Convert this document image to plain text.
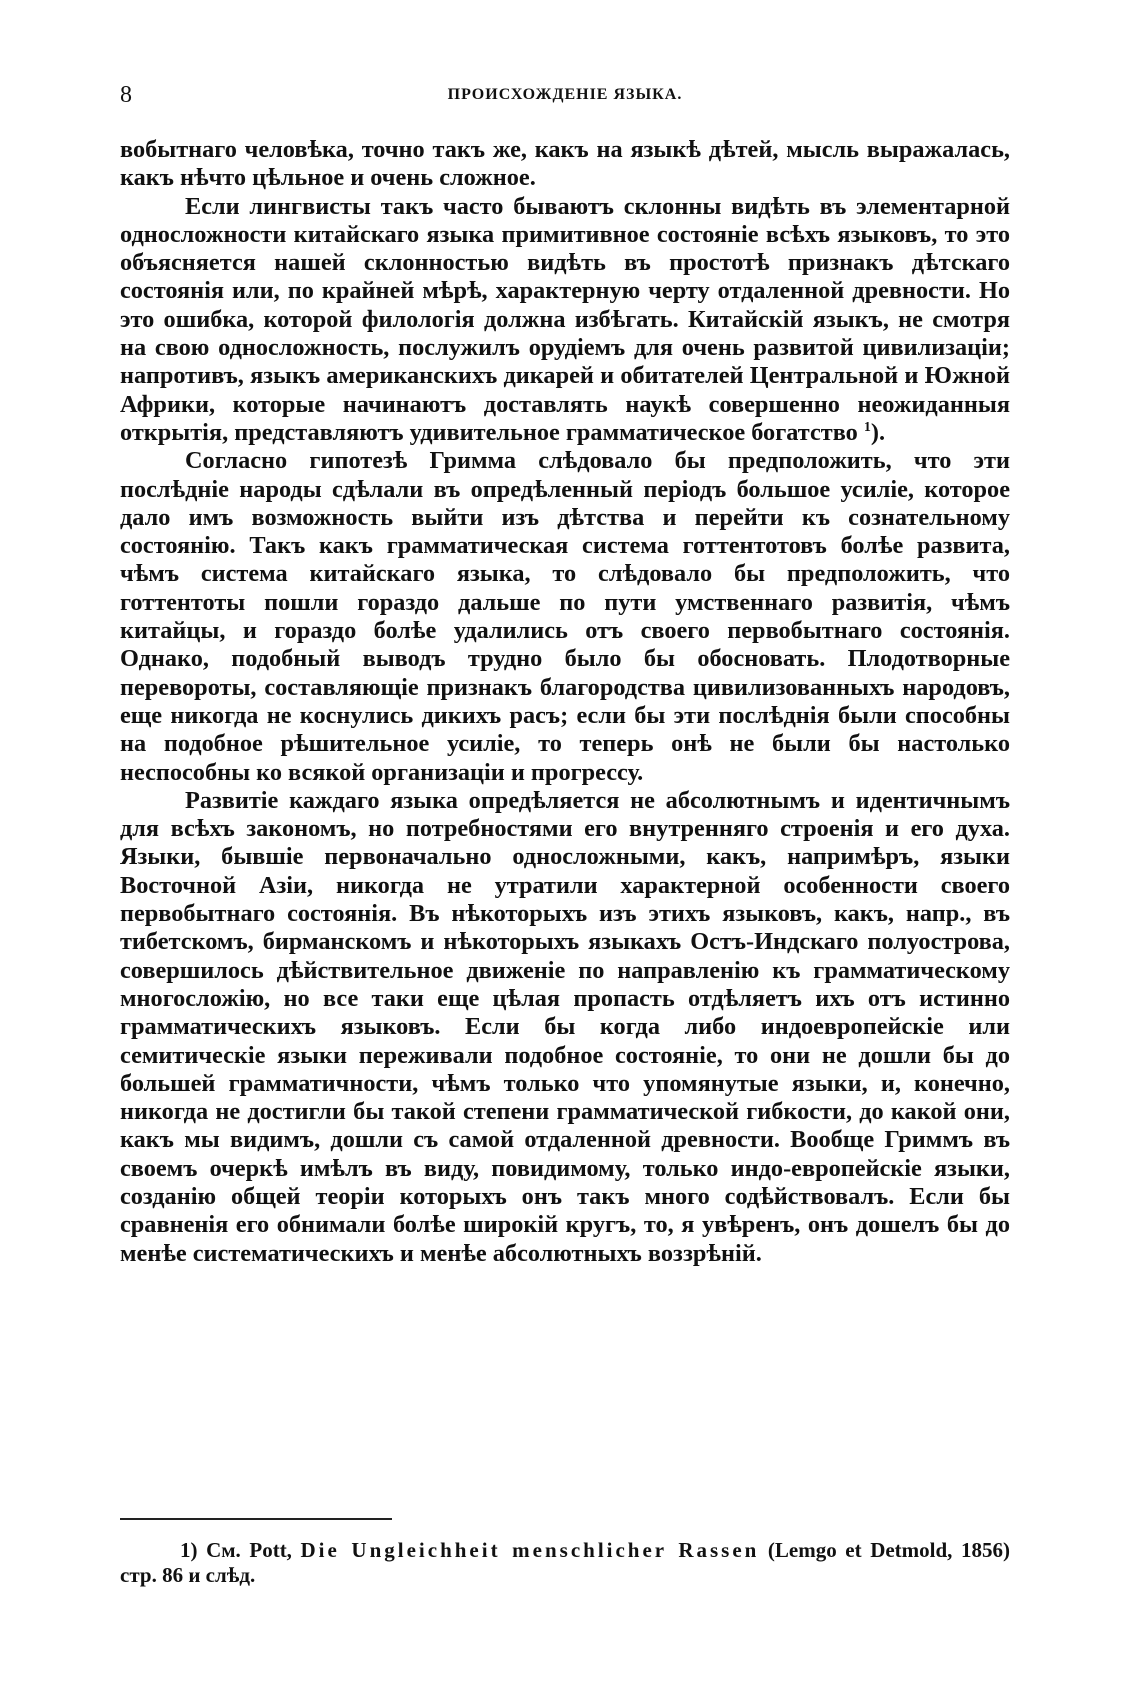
8	ПРОИСХОЖДЕНІЕ ЯЗЫКА.

вобытнаго человѣка, точно такъ же, какъ на языкѣ дѣтей, мысль выражалась, какъ нѣчто цѣльное и очень сложное.

Если лингвисты такъ часто бываютъ склонны видѣть въ элементарной односложности китайскаго языка примитивное состояніе всѣхъ языковъ, то это объясняется нашей склонностью видѣть въ простотѣ признакъ дѣтскаго состоянія или, по крайней мѣрѣ, характерную черту отдаленной древности. Но это ошибка, которой филологія должна избѣгать. Китайскій языкъ, не смотря на свою односложность, послужилъ орудіемъ для очень развитой цивилизаціи; напротивъ, языкъ американскихъ дикарей и обитателей Центральной и Южной Африки, которые начинаютъ доставлять наукѣ совершенно неожиданныя открытія, представляютъ удивительное грамматическое богатство $^1$).

Согласно гипотезѣ Гримма слѣдовало бы предположить, что эти послѣдніе народы сдѣлали въ опредѣленный періодъ большое усиліе, которое дало имъ возможность выйти изъ дѣтства и перейти къ сознательному состоянію. Такъ какъ грамматическая система готтентотовъ болѣе развита, чѣмъ система китайскаго языка, то слѣдовало бы предположить, что готтентоты пошли гораздо дальше по пути умственнаго развитія, чѣмъ китайцы, и гораздо болѣе удалились отъ своего первобытнаго состоянія. Однако, подобный выводъ трудно было бы обосновать. Плодотворные перевороты, составляющіе признакъ благородства цивилизованныхъ народовъ, еще никогда не коснулись дикихъ расъ; если бы эти послѣднія были способны на подобное рѣшительное усиліе, то теперь онѣ не были бы настолько неспособны ко всякой организаціи и прогрессу.

Развитіе каждаго языка опредѣляется не абсолютнымъ и идентичнымъ для всѣхъ закономъ, но потребностями его внутренняго строенія и его духа. Языки, бывшіе первоначально односложными, какъ, напримѣръ, языки Восточной Азіи, никогда не утратили характерной особенности своего первобытнаго состоянія. Въ нѣкоторыхъ изъ этихъ языковъ, какъ, напр., въ тибетскомъ, бирманскомъ и нѣкоторыхъ языкахъ Остъ-Индскаго полуострова, совершилось дѣйствительное движеніе по направленію къ грамматическому многосложію, но все таки еще цѣлая пропасть отдѣляетъ ихъ отъ истинно грамматическихъ языковъ. Если бы когда либо индоевропейскіе или семитическіе языки переживали подобное состояніе, то они не дошли бы до большей грамматичности, чѣмъ только что упомянутые языки, и, конечно, никогда не достигли бы такой степени грамматической гибкости, до какой они, какъ мы видимъ, дошли съ самой отдаленной древности. Вообще Гриммъ въ своемъ очеркѣ имѣлъ въ виду, повидимому, только индо-европейскіе языки, созданію общей теоріи которыхъ онъ такъ много содѣйствовалъ. Если бы сравненія его обнимали болѣе широкій кругъ, то, я увѣренъ, онъ дошелъ бы до менѣе систематическихъ и менѣе абсолютныхъ воззрѣній.

1) См. Pott, Die Ungleichheit menschlicher Rassen (Lemgo et Detmold, 1856) стр. 86 и слѣд.
